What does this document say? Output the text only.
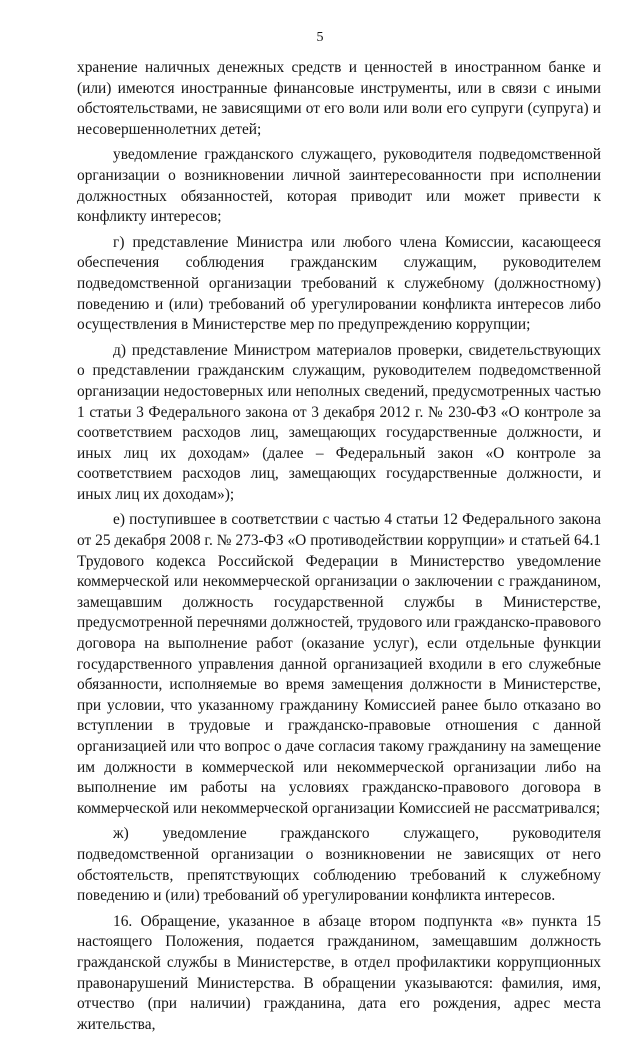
5

хранение наличных денежных средств и ценностей в иностранном банке и (или) имеются иностранные финансовые инструменты, или в связи с иными обстоятельствами, не зависящими от его воли или воли его супруги (супруга) и несовершеннолетних детей;

уведомление гражданского служащего, руководителя подведомственной организации о возникновении личной заинтересованности при исполнении должностных обязанностей, которая приводит или может привести к конфликту интересов;

г) представление Министра или любого члена Комиссии, касающееся обеспечения соблюдения гражданским служащим, руководителем подведомственной организации требований к служебному (должностному) поведению и (или) требований об урегулировании конфликта интересов либо осуществления в Министерстве мер по предупреждению коррупции;

д) представление Министром материалов проверки, свидетельствующих о представлении гражданским служащим, руководителем подведомственной организации недостоверных или неполных сведений, предусмотренных частью 1 статьи 3 Федерального закона от 3 декабря 2012 г. № 230-ФЗ «О контроле за соответствием расходов лиц, замещающих государственные должности, и иных лиц их доходам» (далее – Федеральный закон «О контроле за соответствием расходов лиц, замещающих государственные должности, и иных лиц их доходам»);

е) поступившее в соответствии с частью 4 статьи 12 Федерального закона от 25 декабря 2008 г. № 273-ФЗ «О противодействии коррупции» и статьей 64.1 Трудового кодекса Российской Федерации в Министерство уведомление коммерческой или некоммерческой организации о заключении с гражданином, замещавшим должность государственной службы в Министерстве, предусмотренной перечнями должностей, трудового или гражданско-правового договора на выполнение работ (оказание услуг), если отдельные функции государственного управления данной организацией входили в его служебные обязанности, исполняемые во время замещения должности в Министерстве, при условии, что указанному гражданину Комиссией ранее было отказано во вступлении в трудовые и гражданско-правовые отношения с данной организацией или что вопрос о даче согласия такому гражданину на замещение им должности в коммерческой или некоммерческой организации либо на выполнение им работы на условиях гражданско-правового договора в коммерческой или некоммерческой организации Комиссией не рассматривался;

ж) уведомление гражданского служащего, руководителя подведомственной организации о возникновении не зависящих от него обстоятельств, препятствующих соблюдению требований к служебному поведению и (или) требований об урегулировании конфликта интересов.

16. Обращение, указанное в абзаце втором подпункта «в» пункта 15 настоящего Положения, подается гражданином, замещавшим должность гражданской службы в Министерстве, в отдел профилактики коррупционных правонарушений Министерства. В обращении указываются: фамилия, имя, отчество (при наличии) гражданина, дата его рождения, адрес места жительства,
